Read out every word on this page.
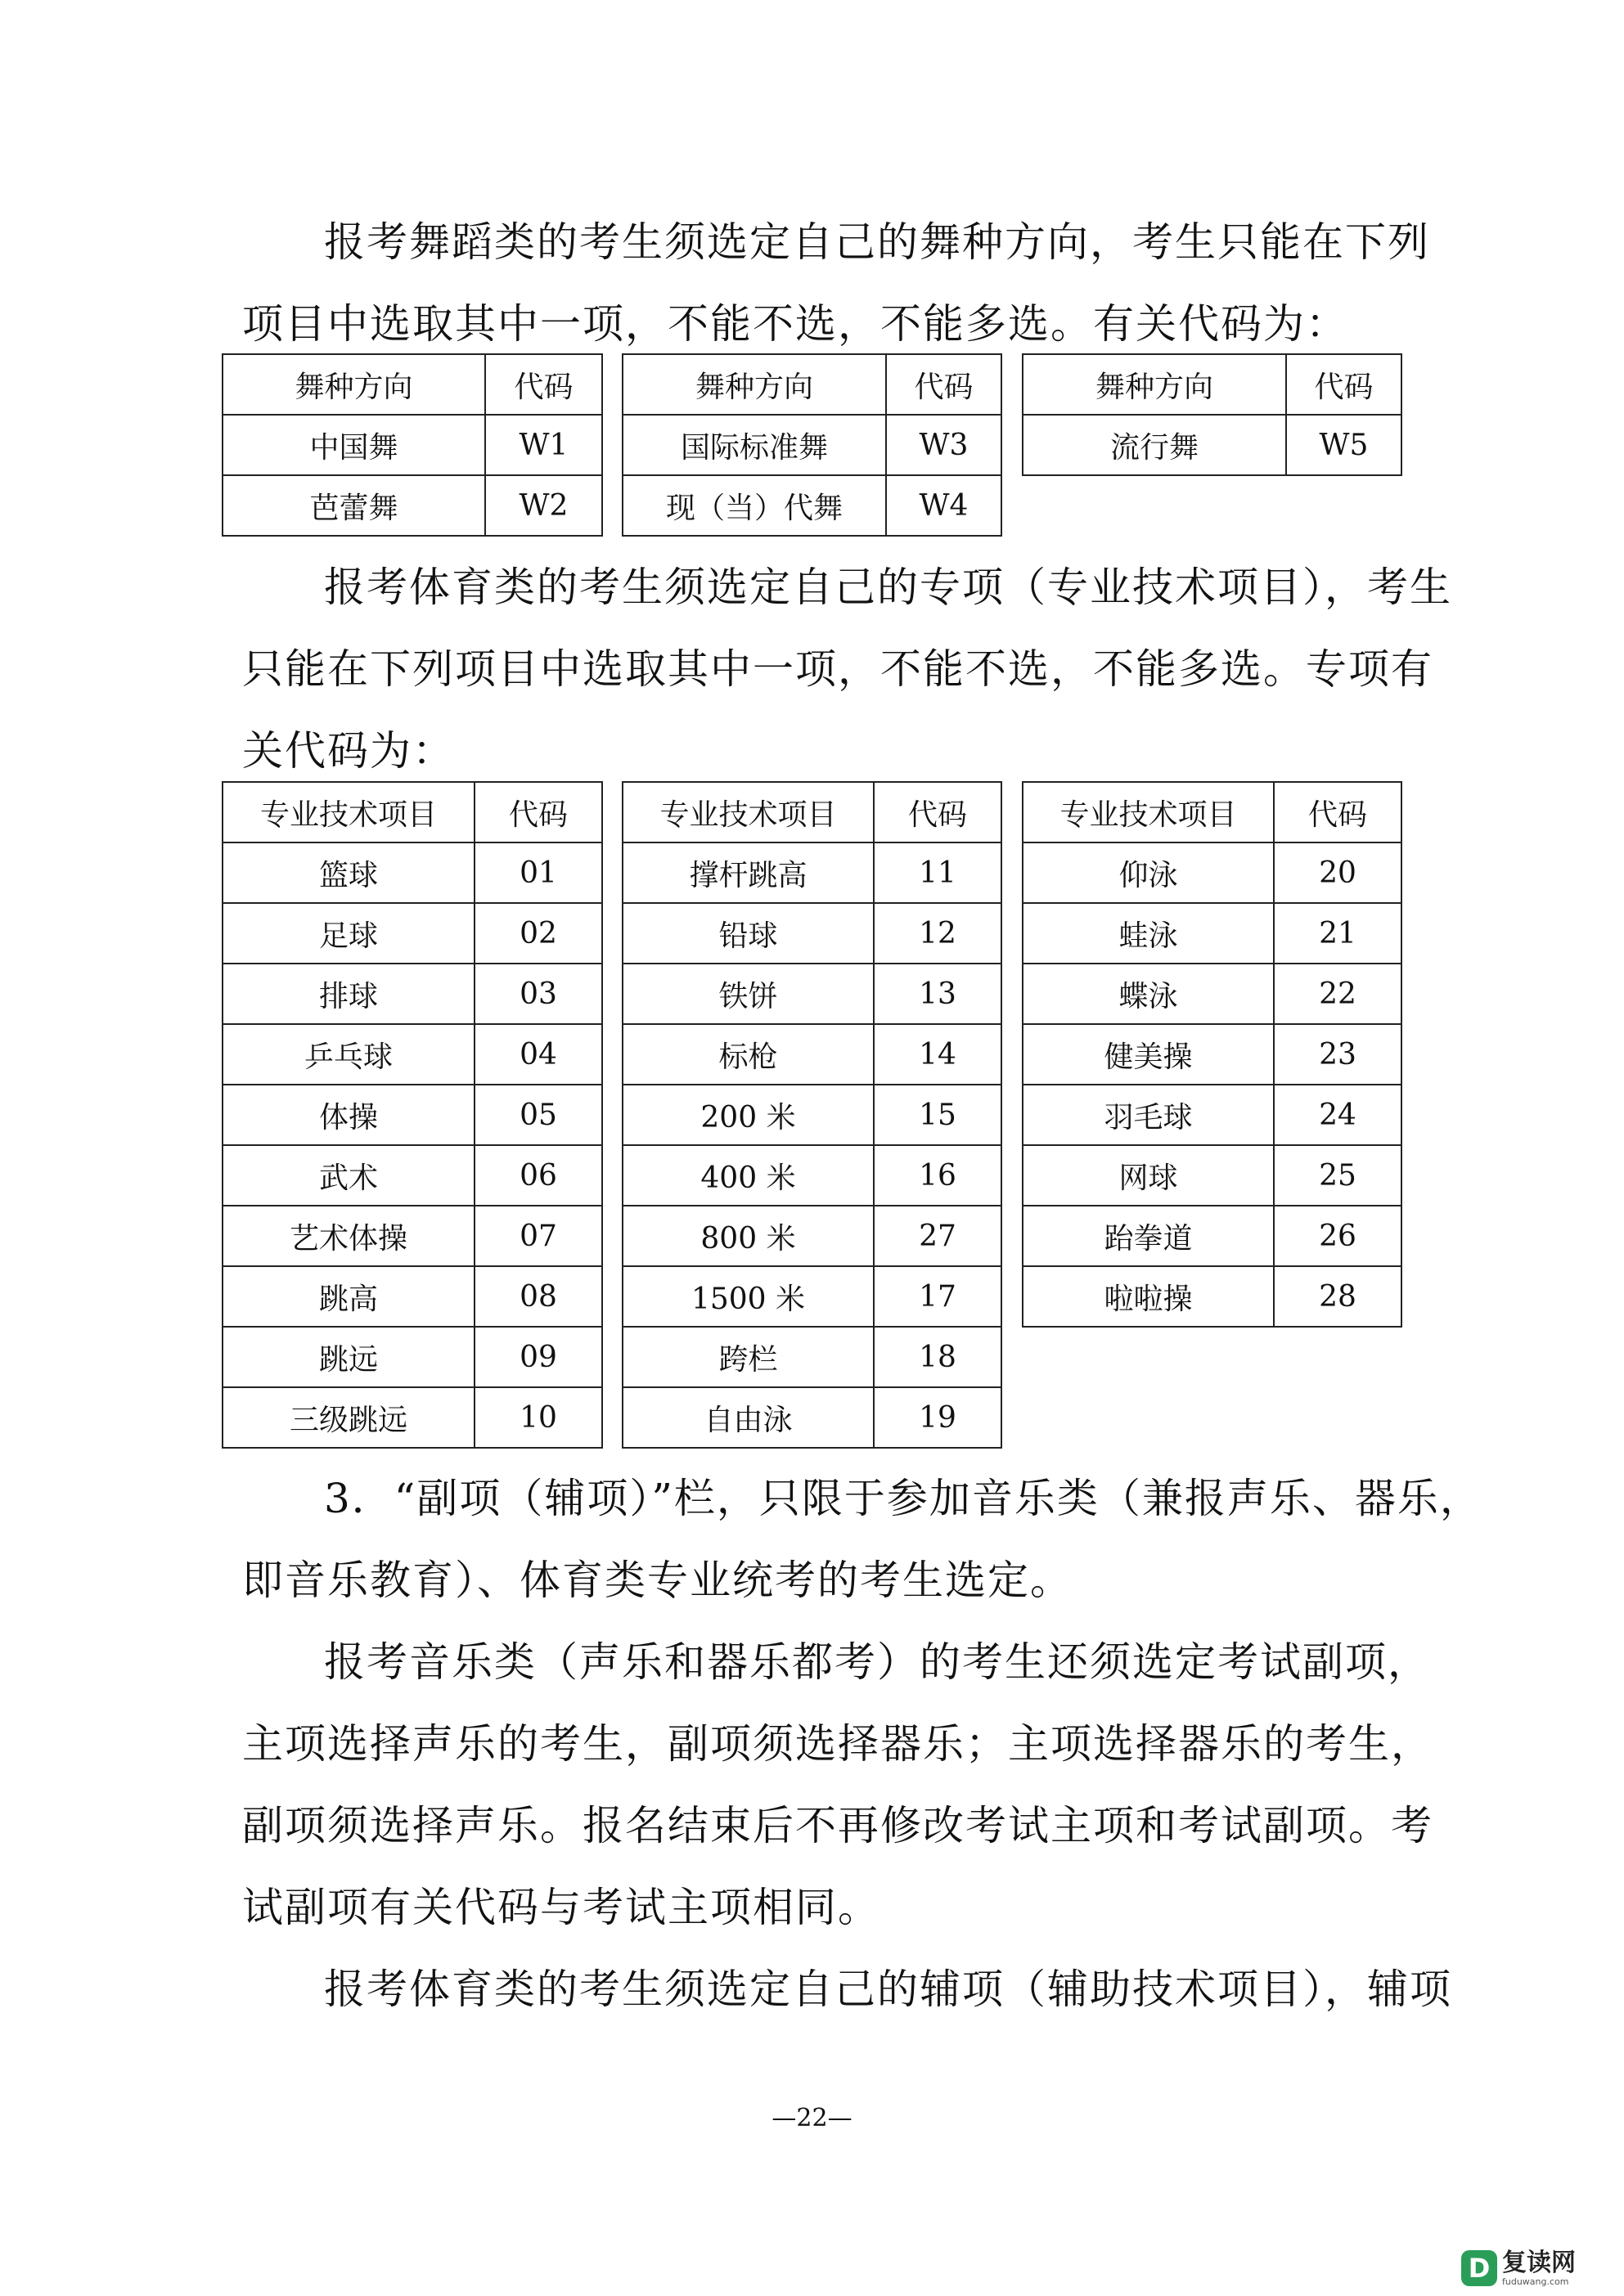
报考舞蹈类的考生须选定自己的舞种方向，考生只能在下列
项目中选取其中一项，不能不选，不能多选。有关代码为：
舞种方向	代码
中国舞	W1
芭蕾舞	W2
舞种方向	代码
国际标准舞	W3
现（当）代舞	W4
舞种方向	代码
流行舞	W5
报考体育类的考生须选定自己的专项（专业技术项目），考生
只能在下列项目中选取其中一项，不能不选，不能多选。专项有
关代码为：
专业技术项目	代码
篮球	01
足球	02
排球	03
乒乓球	04
体操	05
武术	06
艺术体操	07
跳高	08
跳远	09
三级跳远	10
专业技术项目	代码
撑杆跳高	11
铅球	12
铁饼	13
标枪	14
200 米	15
400 米	16
800 米	27
1500 米	17
跨栏	18
自由泳	19
专业技术项目	代码
仰泳	20
蛙泳	21
蝶泳	22
健美操	23
羽毛球	24
网球	25
跆拳道	26
啦啦操	28
3．“副项（辅项）”栏，只限于参加音乐类（兼报声乐、器乐，
即音乐教育）、体育类专业统考的考生选定。
报考音乐类（声乐和器乐都考）的考生还须选定考试副项，
主项选择声乐的考生，副项须选择器乐；主项选择器乐的考生，
副项须选择声乐。报名结束后不再修改考试主项和考试副项。考
试副项有关代码与考试主项相同。
报考体育类的考生须选定自己的辅项（辅助技术项目），辅项
—22—
D 复读网
fuduwang.com
